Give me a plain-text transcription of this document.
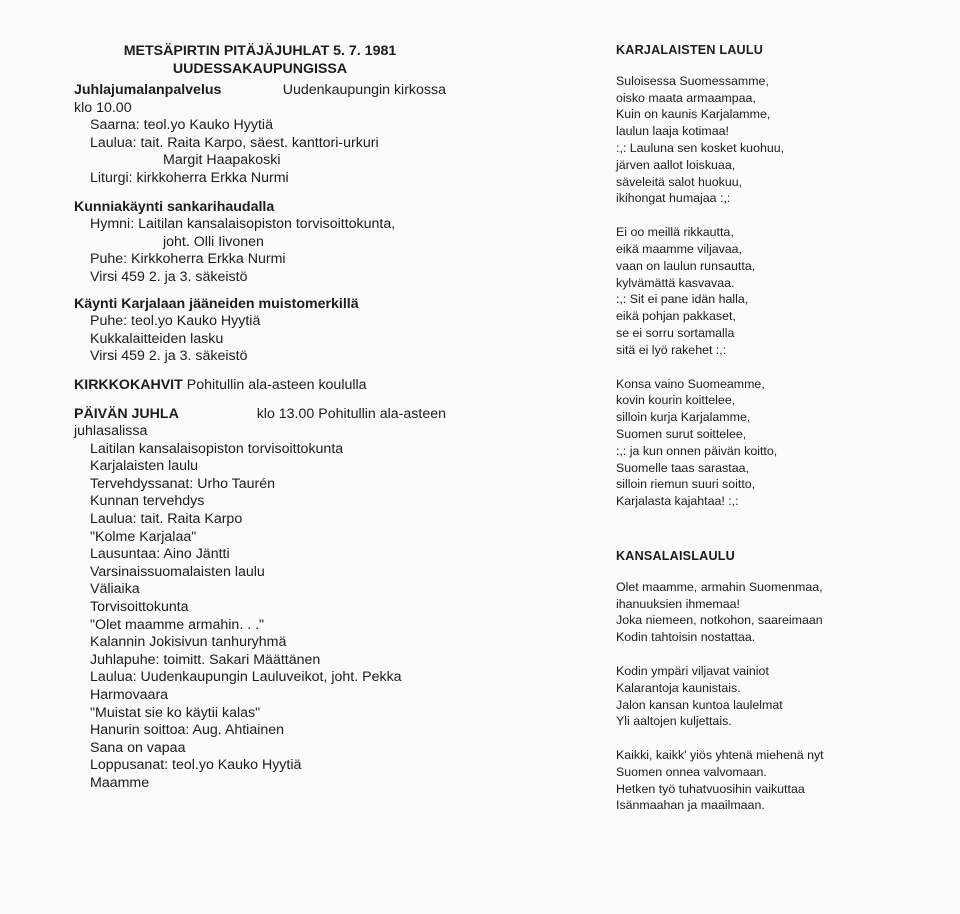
METSÄPIRTIN PITÄJÄJUHLAT 5. 7. 1981
UUDESSAKAUPUNGISSA
Juhlajumalanpalvelus	Uudenkaupungin kirkossa
klo 10.00
Saarna: teol.yo Kauko Hyytiä
Laulua: tait. Raita Karpo, säest. kanttori-urkuri
Margit Haapakoski
Liturgi: kirkkoherra Erkka Nurmi
Kunniakäynti sankarihaudalla
Hymni: Laitilan kansalaisopiston torvisoittokunta,
joht. Olli Iivonen
Puhe: Kirkkoherra Erkka Nurmi
Virsi 459 2. ja 3. säkeistö
Käynti Karjalaan jääneiden muistomerkillä
Puhe: teol.yo Kauko Hyytiä
Kukkalaitteiden lasku
Virsi 459 2. ja 3. säkeistö
KIRKKOKAHVIT Pohitullin ala-asteen koululla
PÄIVÄN JUHLA	klo 13.00 Pohitullin ala-asteen
juhlasalissa
Laitilan kansalaisopiston torvisoittokunta
Karjalaisten laulu
Tervehdyssanat: Urho Taurén
Kunnan tervehdys
Laulua: tait. Raita Karpo
"Kolme Karjalaa"
Lausuntaa: Aino Jäntti
Varsinaissuomalaisten laulu
Väliaika
Torvisoittokunta
"Olet maamme armahin. . ."
Kalannin Jokisivun tanhuryhmä
Juhlapuhe: toimitt. Sakari Määttänen
Laulua: Uudenkaupungin Lauluveikot, joht. Pekka
Harmovaara
"Muistat sie ko käytii kalas"
Hanurin soittoa: Aug. Ahtiainen
Sana on vapaa
Loppusanat: teol.yo Kauko Hyytiä
Maamme
KARJALAISTEN LAULU
Suloisessa Suomessamme,
oisko maata armaampaa,
Kuin on kaunis Karjalamme,
laulun laaja kotimaa!
:,: Lauluna sen kosket kuohuu,
järven aallot loiskuaa,
säveleitä salot huokuu,
ikihongat humajaa :,:
Ei oo meillä rikkautta,
eikä maamme viljavaa,
vaan on laulun runsautta,
kylvämättä kasvavaa.
:,: Sit ei pane idän halla,
eikä pohjan pakkaset,
se ei sorru sortamalla
sitä ei lyö rakehet :,:
Konsa vaino Suomeamme,
kovin kourin koittelee,
silloin kurja Karjalamme,
Suomen surut soittelee,
:,: ja kun onnen päivän koitto,
Suomelle taas sarastaa,
silloin riemun suuri soitto,
Karjalasta kajahtaa! :,:
KANSALAISLAULU
Olet maamme, armahin Suomenmaa,
ihanuuksien ihmemaa!
Joka niemeen, notkohon, saareimaan
Kodin tahtoisin nostattaa.
Kodin ympäri viljavat vainiot
Kalarantoja kaunistais.
Jalon kansan kuntoa laulelmat
Yli aaltojen kuljettais.
Kaikki, kaikk' yiös yhtenä miehenä nyt
Suomen onnea valvomaan.
Hetken työ tuhatvuosihin vaikuttaa
Isänmaahan ja maailmaan.
